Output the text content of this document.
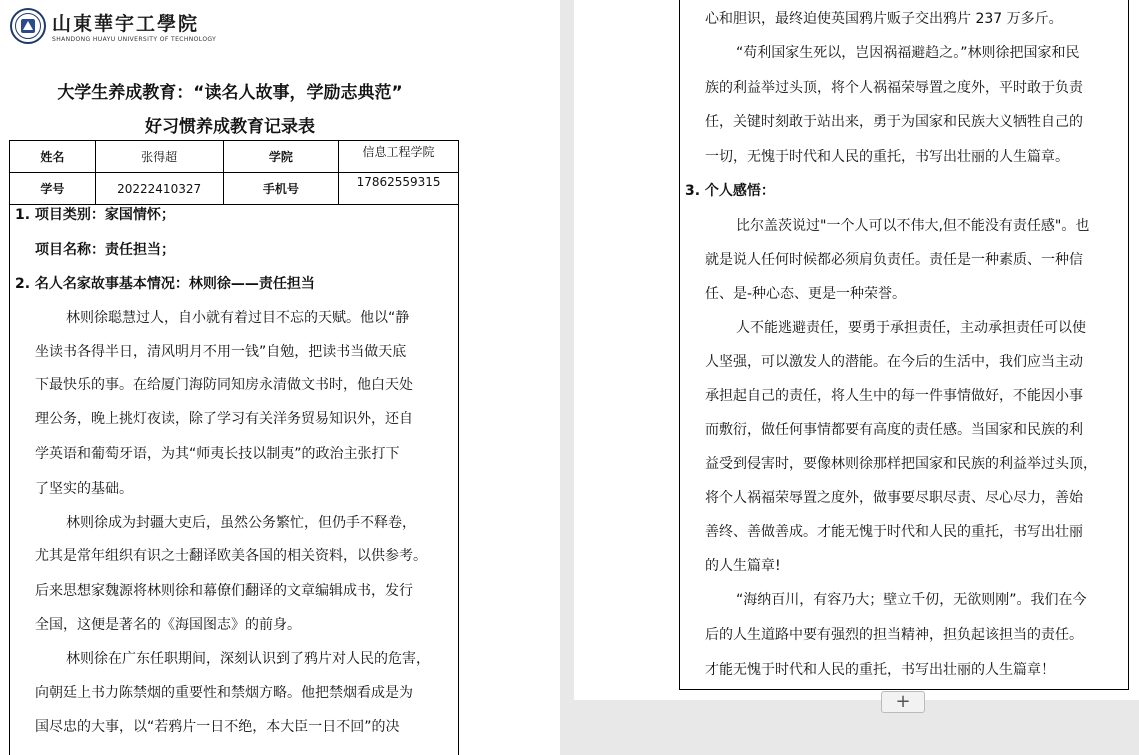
山東華宇工學院
SHANDONG HUAYU UNIVERSITY OF TECHNOLOGY
大学生养成教育：“读名人故事，学励志典范”
好习惯养成教育记录表
姓名	张得超	学院	信息工程学院
学号	20222410327	手机号	17862559315
1. 项目类别：家国情怀；
项目名称：责任担当；
2. 名人名家故事基本情况：林则徐——责任担当
林则徐聪慧过人，自小就有着过目不忘的天赋。他以“静
坐读书各得半日，清风明月不用一钱”自勉，把读书当做天底
下最快乐的事。在给厦门海防同知房永清做文书时，他白天处
理公务，晚上挑灯夜读，除了学习有关洋务贸易知识外，还自
学英语和葡萄牙语，为其“师夷长技以制夷”的政治主张打下
了坚实的基础。
林则徐成为封疆大吏后，虽然公务繁忙，但仍手不释卷，
尤其是常年组织有识之士翻译欧美各国的相关资料，以供参考。
后来思想家魏源将林则徐和幕僚们翻译的文章编辑成书，发行
全国，这便是著名的《海国图志》的前身。
林则徐在广东任职期间，深刻认识到了鸦片对人民的危害，
向朝廷上书力陈禁烟的重要性和禁烟方略。他把禁烟看成是为
国尽忠的大事，以“若鸦片一日不绝，本大臣一日不回”的决
心和胆识，最终迫使英国鸦片贩子交出鸦片 237 万多斤。
“苟利国家生死以，岂因祸福避趋之。”林则徐把国家和民
族的利益举过头顶，将个人祸福荣辱置之度外，平时敢于负责
任，关键时刻敢于站出来，勇于为国家和民族大义牺牲自己的
一切，无愧于时代和人民的重托，书写出壮丽的人生篇章。
3. 个人感悟：
比尔盖茨说过"一个人可以不伟大,但不能没有责任感"。也
就是说人任何时候都必须肩负责任。责任是一种素质、一种信
任、是-种心态、更是一种荣誉。
人不能逃避责任，要勇于承担责任，主动承担责任可以使
人坚强，可以激发人的潜能。在今后的生活中，我们应当主动
承担起自己的责任，将人生中的每一件事情做好，不能因小事
而敷衍，做任何事情都要有高度的责任感。当国家和民族的利
益受到侵害时，要像林则徐那样把国家和民族的利益举过头顶，
将个人祸福荣辱置之度外，做事要尽职尽责、尽心尽力，善始
善终、善做善成。才能无愧于时代和人民的重托，书写出壮丽
的人生篇章!
“海纳百川，有容乃大；壁立千仞，无欲则刚”。我们在今
后的人生道路中要有强烈的担当精神，担负起该担当的责任。
才能无愧于时代和人民的重托，书写出壮丽的人生篇章！
+
